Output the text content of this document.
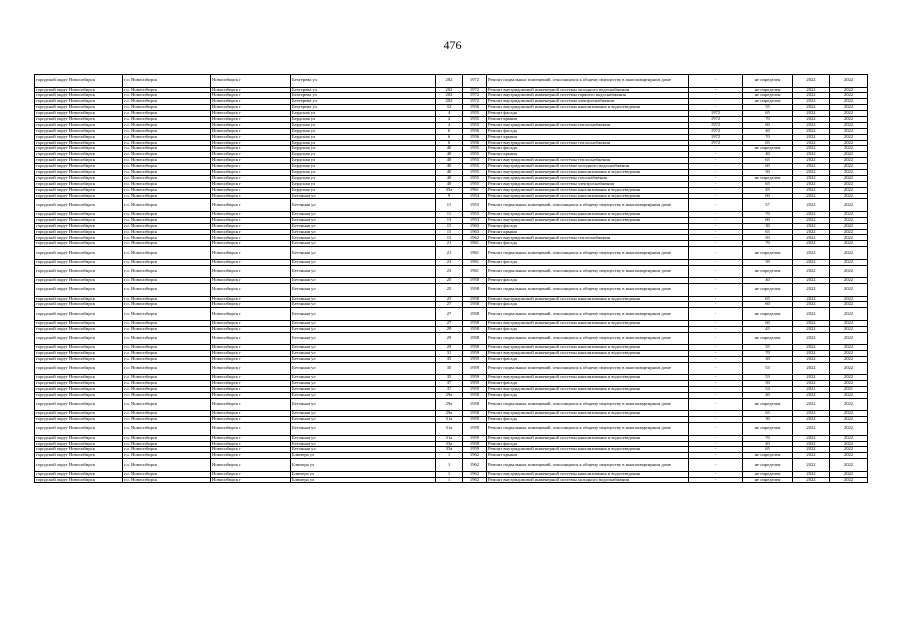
476
городской округ Новосибирск	г.о. Новосибирск	Новосибирск г	Бехтерева ул	202	1972	Ремонт подвальных помещений, относящихся к общему имуществу в многоквартирном доме	-	не определен	2022	2022
городской округ Новосибирск	г.о. Новосибирск	Новосибирск г	Бехтерева ул	202	1972	Ремонт внутридомовой инженерной системы холодного водоснабжения	-	не определен	2022	2022
городской округ Новосибирск	г.о. Новосибирск	Новосибирск г	Бехтерева ул	202	1972	Ремонт внутридомовой инженерной системы горячего водоснабжения	-	не определен	2022	2022
городской округ Новосибирск	г.о. Новосибирск	Новосибирск г	Бехтерева ул	202	1972	Ремонт внутридомовой инженерной системы электроснабжения	-	не определен	2022	2022
городской округ Новосибирск	г.о. Новосибирск	Новосибирск г	Бехтерева ул	52	1956	Ремонт внутридомовой инженерной системы канализования и водоотведения	-	55	2022	2022
городской округ Новосибирск	г.о. Новосибирск	Новосибирск г	Бердская ул	4	1955	Ремонт фасада	1972	65	2022	2022
городской округ Новосибирск	г.о. Новосибирск	Новосибирск г	Бердская ул	4	1955	Ремонт крыши	1972	70	2022	2022
городской округ Новосибирск	г.о. Новосибирск	Новосибирск г	Бердская ул	4	1955	Ремонт внутридомовой инженерной системы теплоснабжения	1972	60	2022	2022
городской округ Новосибирск	г.о. Новосибирск	Новосибирск г	Бердская ул	6	1956	Ремонт фасада	1972	40	2022	2022
городской округ Новосибирск	г.о. Новосибирск	Новосибирск г	Бердская ул	6	1956	Ремонт крыши	1972	70	2022	2022
городской округ Новосибирск	г.о. Новосибирск	Новосибирск г	Бердская ул	6	1956	Ремонт внутридомовой инженерной системы теплоснабжения	1972	65	2022	2022
городской округ Новосибирск	г.о. Новосибирск	Новосибирск г	Бердская ул	40	1955	Ремонт фасада	-	не определен	2022	2022
городской округ Новосибирск	г.о. Новосибирск	Новосибирск г	Бердская ул	40	1955	Ремонт крыши	-	40	2022	2022
городской округ Новосибирск	г.о. Новосибирск	Новосибирск г	Бердская ул	40	1955	Ремонт внутридомовой инженерной системы теплоснабжения	-	65	2022	2022
городской округ Новосибирск	г.о. Новосибирск	Новосибирск г	Бердская ул	40	1955	Ремонт внутридомовой инженерной системы холодного водоснабжения	-	60	2022	2022
городской округ Новосибирск	г.о. Новосибирск	Новосибирск г	Бердская ул	40	1955	Ремонт внутридомовой инженерной системы канализования и водоотведения	-	50	2022	2022
городской округ Новосибирск	г.о. Новосибирск	Новосибирск г	Бердская ул	40	1955	Ремонт внутридомовой инженерной системы газоснабжения	-	не определен	2022	2022
городской округ Новосибирск	г.о. Новосибирск	Новосибирск г	Бердская ул	40	1955	Ремонт внутридомовой инженерной системы электроснабжения	-	65	2022	2022
городской округ Новосибирск	г.о. Новосибирск	Новосибирск г	Бердская ул	35а	1961	Ремонт внутридомовой инженерной системы канализования и водоотведения	-	45	2022	2022
городской округ Новосибирск	г.о. Новосибирск	Новосибирск г	Бетонная ул	9	1954	Ремонт внутридомовой инженерной системы канализования и водоотведения	-	60	2022	2022
городской округ Новосибирск	г.о. Новосибирск	Новосибирск г	Бетонная ул	11	1953	Ремонт подвальных помещений, относящихся к общему имуществу в многоквартирном доме	-	57	2022	2022
городской округ Новосибирск	г.о. Новосибирск	Новосибирск г	Бетонная ул	11	1953	Ремонт внутридомовой инженерной системы канализования и водоотведения	-	70	2022	2022
городской округ Новосибирск	г.о. Новосибирск	Новосибирск г	Бетонная ул	13	1953	Ремонт внутридомовой инженерной системы канализования и водоотведения	-	60	2022	2022
городской округ Новосибирск	г.о. Новосибирск	Новосибирск г	Бетонная ул	15	1963	Ремонт фасада	-	30	2022	2022
городской округ Новосибирск	г.о. Новосибирск	Новосибирск г	Бетонная ул	15	1963	Ремонт крыши	-	65	2022	2022
городской округ Новосибирск	г.о. Новосибирск	Новосибирск г	Бетонная ул	15	1962	Ремонт внутридомовой инженерной системы теплоснабжения	-	50	2022	2022
городской округ Новосибирск	г.о. Новосибирск	Новосибирск г	Бетонная ул	21	1961	Ремонт фасада	-	70	2022	2022
городской округ Новосибирск	г.о. Новосибирск	Новосибирск г	Бетонная ул	21	1961	Ремонт подвальных помещений, относящихся к общему имуществу в многоквартирном доме	-	не определен	2022	2022
городской округ Новосибирск	г.о. Новосибирск	Новосибирск г	Бетонная ул	23	1961	Ремонт фасада	-	39	2022	2022
городской округ Новосибирск	г.о. Новосибирск	Новосибирск г	Бетонная ул	23	1961	Ремонт подвальных помещений, относящихся к общему имуществу в многоквартирном доме	-	не определен	2022	2022
городской округ Новосибирск	г.о. Новосибирск	Новосибирск г	Бетонная ул	25	1958	Ремонт фасада	-	40	2022	2022
городской округ Новосибирск	г.о. Новосибирск	Новосибирск г	Бетонная ул	25	1958	Ремонт подвальных помещений, относящихся к общему имуществу в многоквартирном доме	-	не определен	2022	2022
городской округ Новосибирск	г.о. Новосибирск	Новосибирск г	Бетонная ул	25	1958	Ремонт внутридомовой инженерной системы канализования и водоотведения	-	65	2022	2022
городской округ Новосибирск	г.о. Новосибирск	Новосибирск г	Бетонная ул	27	1958	Ремонт фасада	-	60	2022	2022
городской округ Новосибирск	г.о. Новосибирск	Новосибирск г	Бетонная ул	27	1958	Ремонт подвальных помещений, относящихся к общему имуществу в многоквартирном доме	-	не определен	2022	2022
городской округ Новосибирск	г.о. Новосибирск	Новосибирск г	Бетонная ул	27	1958	Ремонт внутридомовой инженерной системы канализования и водоотведения	-	60	2022	2022
городской округ Новосибирск	г.о. Новосибирск	Новосибирск г	Бетонная ул	29	1958	Ремонт фасада	-	45	2022	2022
городской округ Новосибирск	г.о. Новосибирск	Новосибирск г	Бетонная ул	29	1958	Ремонт подвальных помещений, относящихся к общему имуществу в многоквартирном доме	-	не определен	2022	2022
городской округ Новосибирск	г.о. Новосибирск	Новосибирск г	Бетонная ул	29	1958	Ремонт внутридомовой инженерной системы канализования и водоотведения	-	55	2022	2022
городской округ Новосибирск	г.о. Новосибирск	Новосибирск г	Бетонная ул	31	1959	Ремонт внутридомовой инженерной системы канализования и водоотведения	-	70	2022	2022
городской округ Новосибирск	г.о. Новосибирск	Новосибирск г	Бетонная ул	35	1959	Ремонт фасада	-	30	2022	2022
городской округ Новосибирск	г.о. Новосибирск	Новосибирск г	Бетонная ул	35	1959	Ремонт подвальных помещений, относящихся к общему имуществу в многоквартирном доме	-	53	2022	2022
городской округ Новосибирск	г.о. Новосибирск	Новосибирск г	Бетонная ул	35	1959	Ремонт внутридомовой инженерной системы канализования и водоотведения	-	53	2022	2022
городской округ Новосибирск	г.о. Новосибирск	Новосибирск г	Бетонная ул	37	1959	Ремонт фасада	-	50	2022	2022
городской округ Новосибирск	г.о. Новосибирск	Новосибирск г	Бетонная ул	37	1959	Ремонт внутридомовой инженерной системы канализования и водоотведения	-	54	2021	2021
городской округ Новосибирск	г.о. Новосибирск	Новосибирск г	Бетонная ул	29а	1958	Ремонт фасада	-	40	2022	2022
городской округ Новосибирск	г.о. Новосибирск	Новосибирск г	Бетонная ул	29а	1958	Ремонт подвальных помещений, относящихся к общему имуществу в многоквартирном доме	-	не определен	2022	2022
городской округ Новосибирск	г.о. Новосибирск	Новосибирск г	Бетонная ул	29а	1958	Ремонт внутридомовой инженерной системы канализования и водоотведения	-	65	2022	2022
городской округ Новосибирск	г.о. Новосибирск	Новосибирск г	Бетонная ул	31а	1959	Ремонт фасада	-	30	2022	2022
городской округ Новосибирск	г.о. Новосибирск	Новосибирск г	Бетонная ул	31а	1959	Ремонт подвальных помещений, относящихся к общему имуществу в многоквартирном доме	-	не определен	2022	2022
городской округ Новосибирск	г.о. Новосибирск	Новосибирск г	Бетонная ул	31а	1959	Ремонт внутридомовой инженерной системы канализования и водоотведения	-	70	2022	2022
городской округ Новосибирск	г.о. Новосибирск	Новосибирск г	Бетонная ул	33а	1959	Ремонт фасада	-	40	2022	2022
городской округ Новосибирск	г.о. Новосибирск	Новосибирск г	Бетонная ул	33а	1959	Ремонт внутридомовой инженерной системы канализования и водоотведения	-	65	2022	2022
городской округ Новосибирск	г.о. Новосибирск	Новосибирск г	Блюхера ул	1	1962	Ремонт крыши	-	не определен	2022	2022
городской округ Новосибирск	г.о. Новосибирск	Новосибирск г	Блюхера ул	1	1962	Ремонт подвальных помещений, относящихся к общему имуществу в многоквартирном доме	-	не определен	2022	2022
городской округ Новосибирск	г.о. Новосибирск	Новосибирск г	Блюхера ул	1	1962	Ремонт внутридомовой инженерной системы канализования и водоотведения	-	не определен	2022	2022
городской округ Новосибирск	г.о. Новосибирск	Новосибирск г	Блюхера ул	1	1962	Ремонт внутридомовой инженерной системы холодного водоснабжения	-	не определен	2022	2022
